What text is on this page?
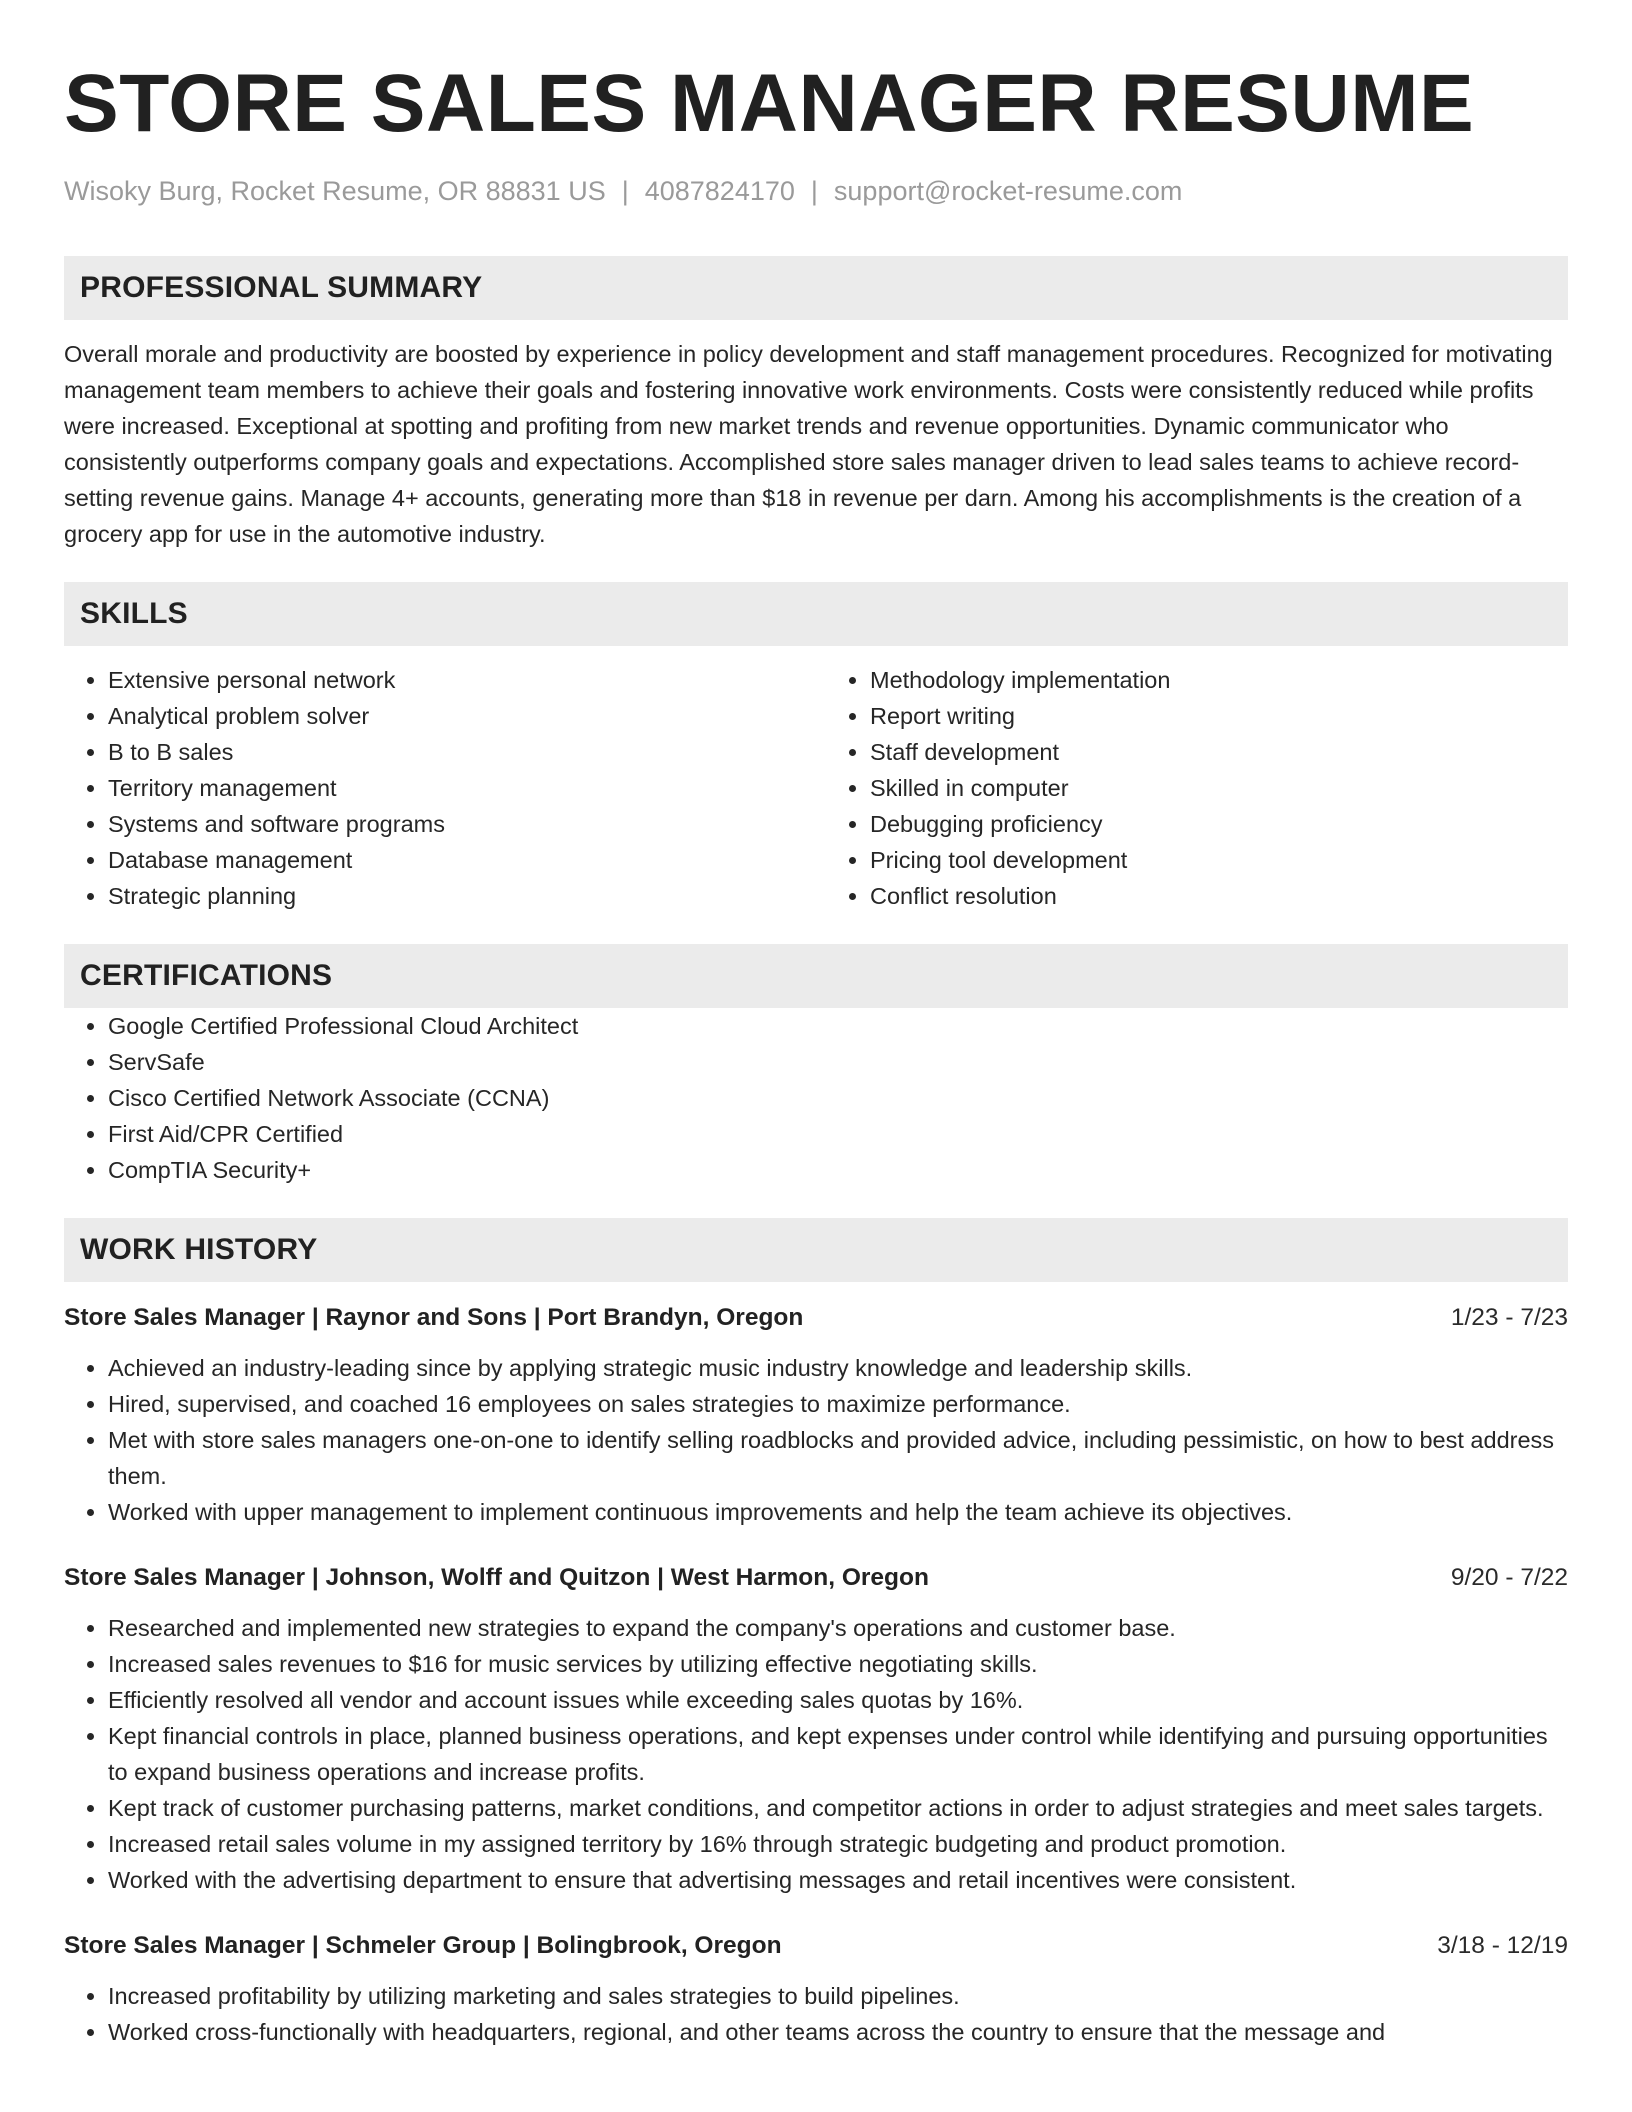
STORE SALES MANAGER RESUME
Wisoky Burg, Rocket Resume, OR 88831 US | 4087824170 | support@rocket-resume.com
PROFESSIONAL SUMMARY

Overall morale and productivity are boosted by experience in policy development and staff management procedures. Recognized for motivating management team members to achieve their goals and fostering innovative work environments. Costs were consistently reduced while profits were increased. Exceptional at spotting and profiting from new market trends and revenue opportunities. Dynamic communicator who consistently outperforms company goals and expectations. Accomplished store sales manager driven to lead sales teams to achieve record-setting revenue gains. Manage 4+ accounts, generating more than $18 in revenue per darn. Among his accomplishments is the creation of a grocery app for use in the automotive industry.

SKILLS
• Extensive personal network
• Analytical problem solver
• B to B sales
• Territory management
• Systems and software programs
• Database management
• Strategic planning
• Methodology implementation
• Report writing
• Staff development
• Skilled in computer
• Debugging proficiency
• Pricing tool development
• Conflict resolution
CERTIFICATIONS
• Google Certified Professional Cloud Architect
• ServSafe
• Cisco Certified Network Associate (CCNA)
• First Aid/CPR Certified
• CompTIA Security+
WORK HISTORY
Store Sales Manager | Raynor and Sons | Port Brandyn, Oregon	1/23 - 7/23
• Achieved an industry-leading since by applying strategic music industry knowledge and leadership skills.
• Hired, supervised, and coached 16 employees on sales strategies to maximize performance.
• Met with store sales managers one-on-one to identify selling roadblocks and provided advice, including pessimistic, on how to best address them.
• Worked with upper management to implement continuous improvements and help the team achieve its objectives.
Store Sales Manager | Johnson, Wolff and Quitzon | West Harmon, Oregon	9/20 - 7/22
• Researched and implemented new strategies to expand the company's operations and customer base.
• Increased sales revenues to $16 for music services by utilizing effective negotiating skills.
• Efficiently resolved all vendor and account issues while exceeding sales quotas by 16%.
• Kept financial controls in place, planned business operations, and kept expenses under control while identifying and pursuing opportunities to expand business operations and increase profits.
• Kept track of customer purchasing patterns, market conditions, and competitor actions in order to adjust strategies and meet sales targets.
• Increased retail sales volume in my assigned territory by 16% through strategic budgeting and product promotion.
• Worked with the advertising department to ensure that advertising messages and retail incentives were consistent.
Store Sales Manager | Schmeler Group | Bolingbrook, Oregon	3/18 - 12/19
• Increased profitability by utilizing marketing and sales strategies to build pipelines.
• Worked cross-functionally with headquarters, regional, and other teams across the country to ensure that the message and
